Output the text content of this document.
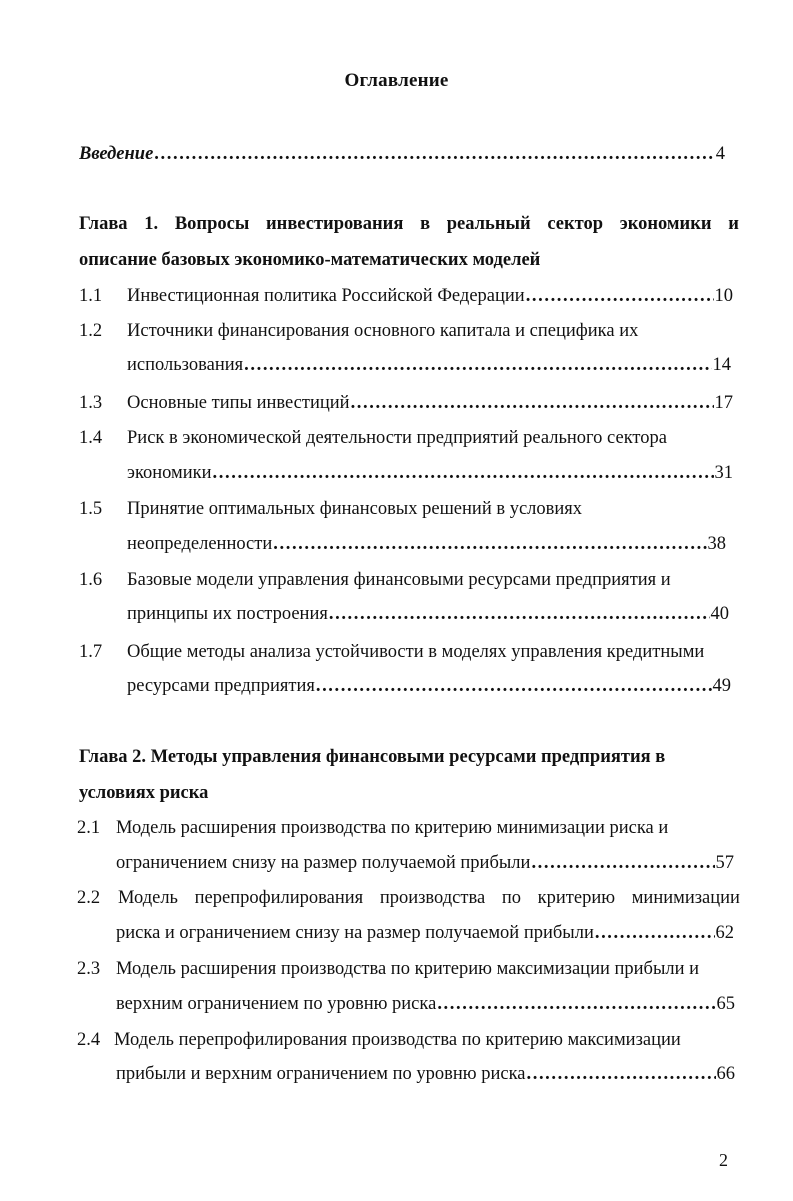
Оглавление
Введение .....	4
Глава 1. Вопросы инвестирования в реальный сектор экономики и
описание базовых экономико-математических моделей
1.1 Инвестиционная политика Российской Федерации .....	10
1.2 Источники финансирования основного капитала и специфика их
использования .....	14
1.3 Основные типы инвестиций .....	17
1.4 Риск в экономической деятельности предприятий реального сектора
экономики .....	31
1.5 Принятие оптимальных финансовых решений в условиях
неопределенности .....	38
1.6 Базовые модели управления финансовыми ресурсами предприятия и
принципы их построения .....	40
1.7 Общие методы анализа устойчивости в моделях управления кредитными
ресурсами предприятия .....	49
Глава 2. Методы управления финансовыми ресурсами предприятия в
условиях риска
2.1 Модель расширения производства по критерию минимизации риска и
ограничением снизу на размер получаемой прибыли .....	57
2.2 Модель перепрофилирования производства по критерию минимизации
риска и ограничением снизу на размер получаемой прибыли .....	62
2.3 Модель расширения производства по критерию максимизации прибыли и
верхним ограничением по уровню риска .....	65
2.4 Модель перепрофилирования производства по критерию максимизации
прибыли и верхним ограничением по уровню риска .....	66
2
